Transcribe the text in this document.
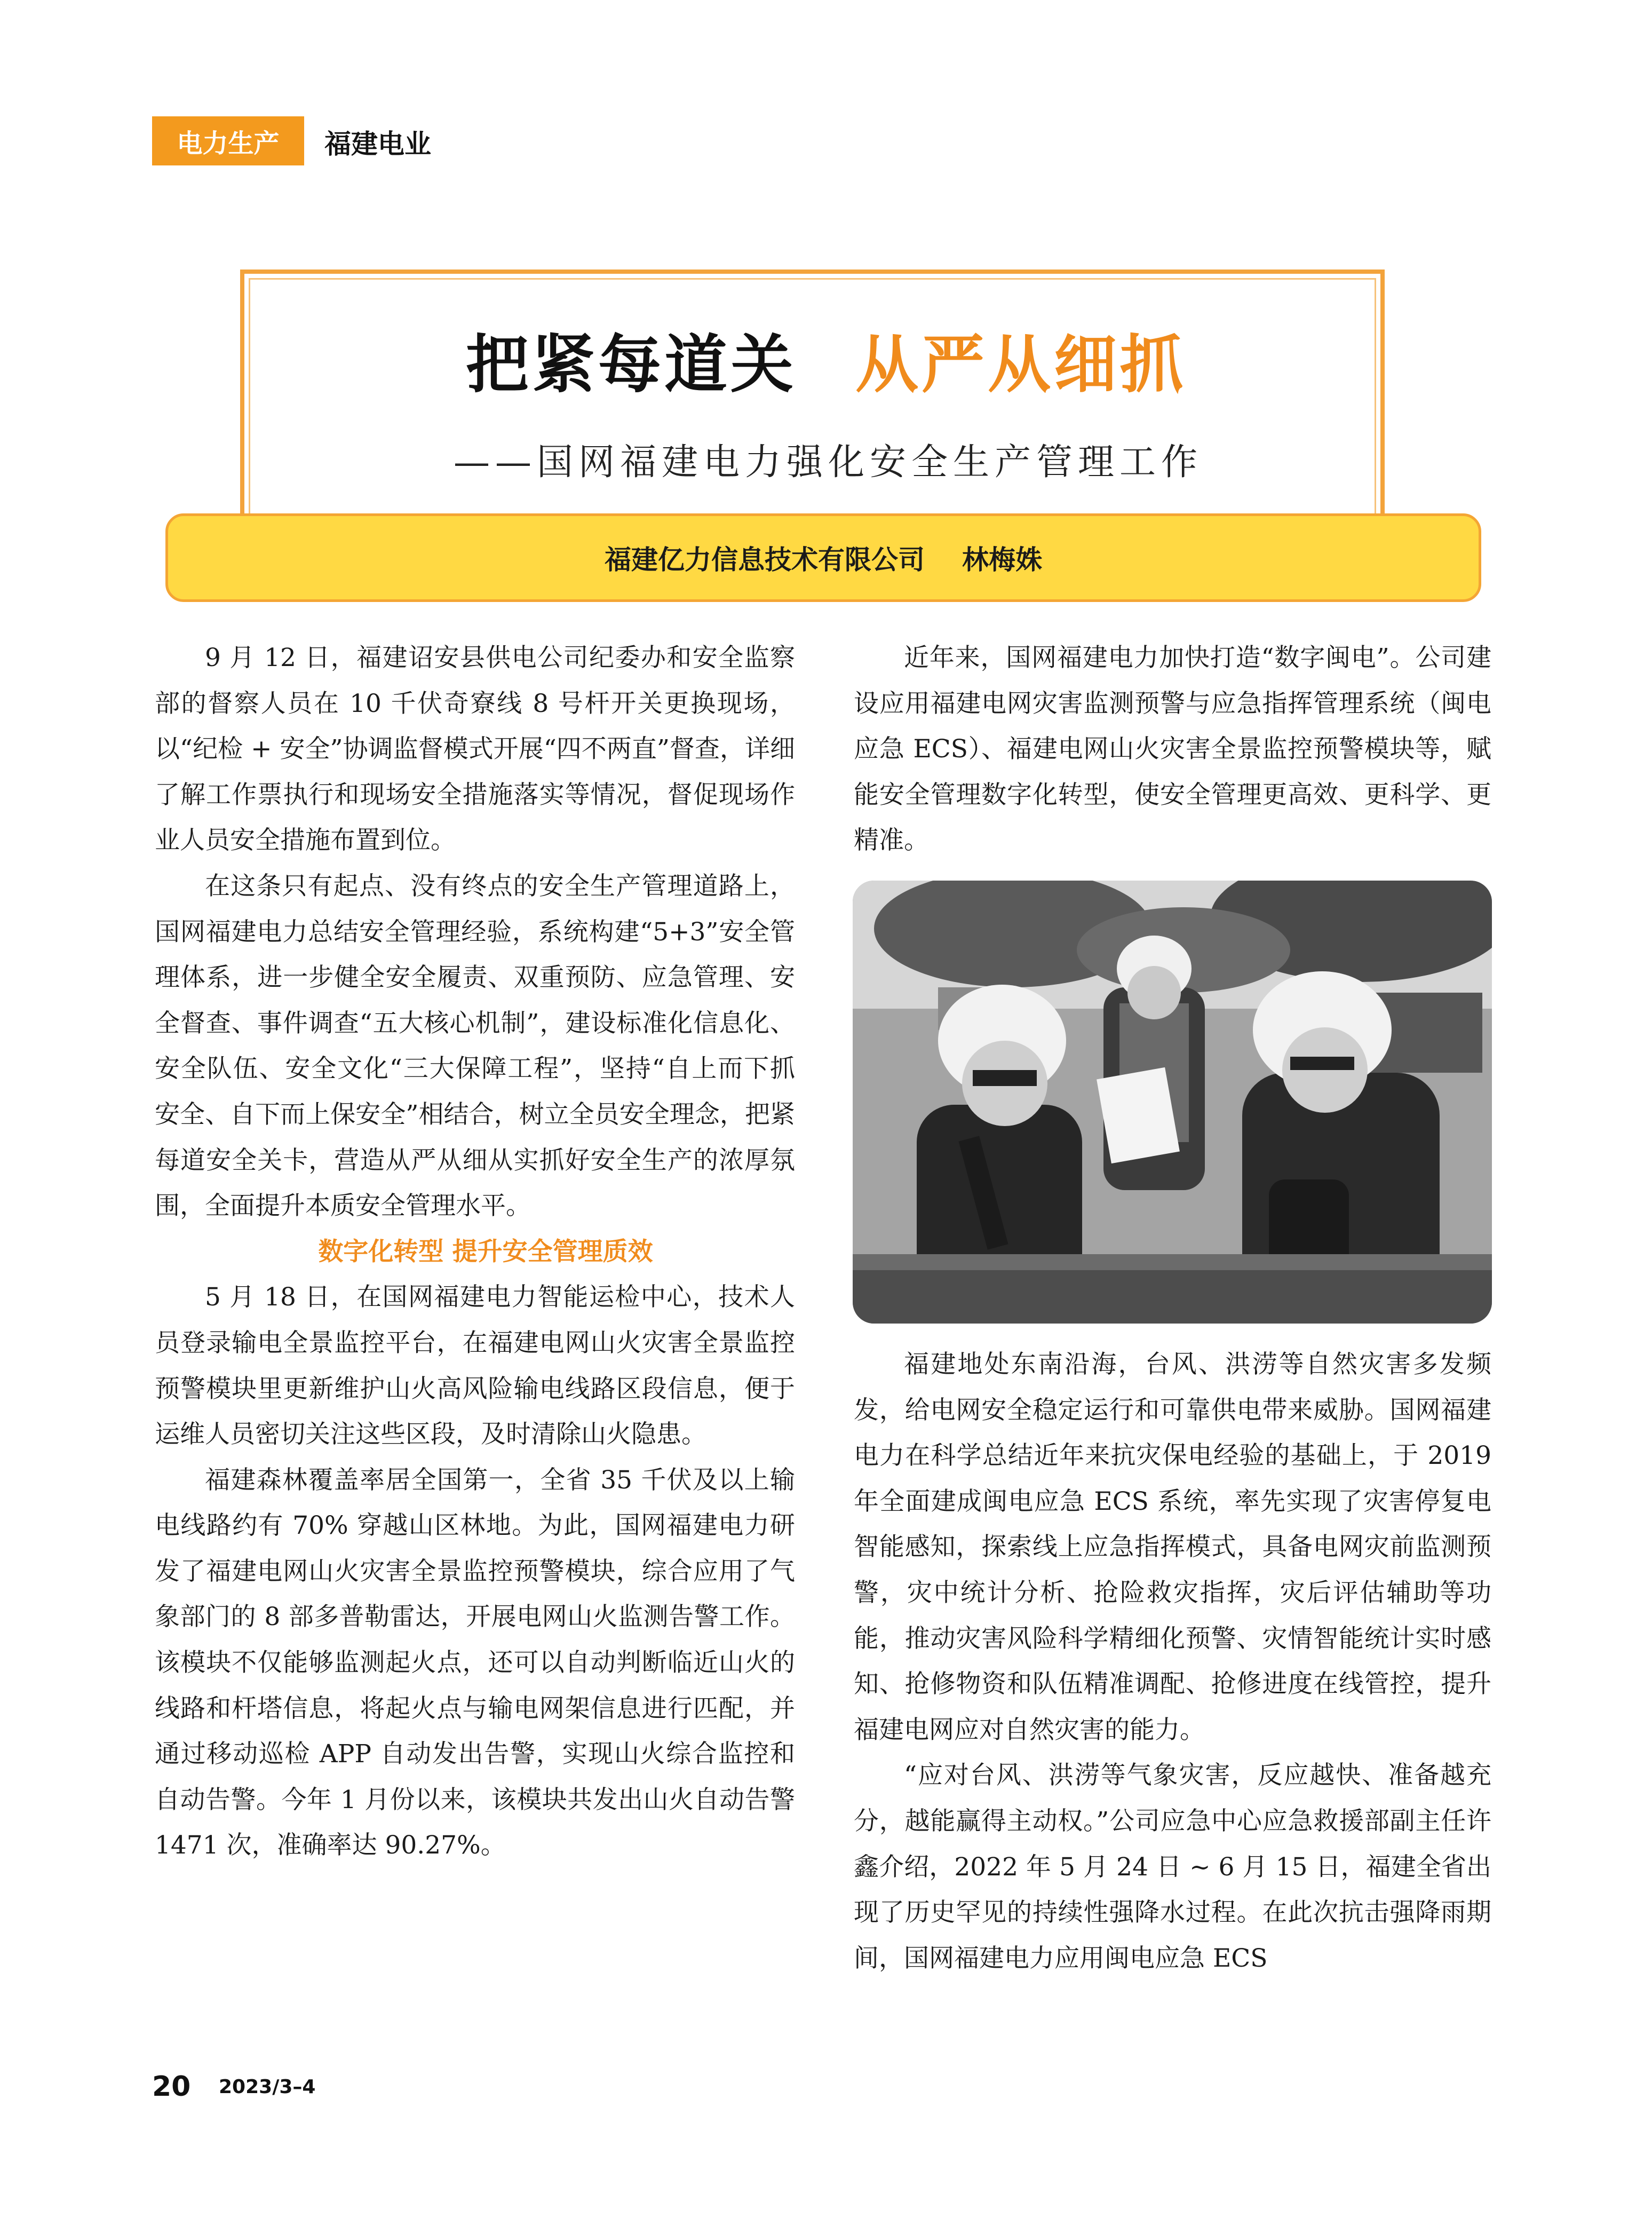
电力生产	福建电业
把紧每道关 从严从细抓
——国网福建电力强化安全生产管理工作
福建亿力信息技术有限公司 林梅姝

9 月 12 日，福建诏安县供电公司纪委办和安全监察部的督察人员在 10 千伏奇寮线 8 号杆开关更换现场，以“纪检 + 安全”协调监督模式开展“四不两直”督查，详细了解工作票执行和现场安全措施落实等情况，督促现场作业人员安全措施布置到位。

在这条只有起点、没有终点的安全生产管理道路上，国网福建电力总结安全管理经验，系统构建“5+3”安全管理体系，进一步健全安全履责、双重预防、应急管理、安全督查、事件调查“五大核心机制”，建设标准化信息化、安全队伍、安全文化“三大保障工程”，坚持“自上而下抓安全、自下而上保安全”相结合，树立全员安全理念，把紧每道安全关卡，营造从严从细从实抓好安全生产的浓厚氛围，全面提升本质安全管理水平。

数字化转型 提升安全管理质效

5 月 18 日，在国网福建电力智能运检中心，技术人员登录输电全景监控平台，在福建电网山火灾害全景监控预警模块里更新维护山火高风险输电线路区段信息，便于运维人员密切关注这些区段，及时清除山火隐患。

福建森林覆盖率居全国第一，全省 35 千伏及以上输电线路约有 70% 穿越山区林地。为此，国网福建电力研发了福建电网山火灾害全景监控预警模块，综合应用了气象部门的 8 部多普勒雷达，开展电网山火监测告警工作。该模块不仅能够监测起火点，还可以自动判断临近山火的线路和杆塔信息，将起火点与输电网架信息进行匹配，并通过移动巡检 APP 自动发出告警，实现山火综合监控和自动告警。今年 1 月份以来，该模块共发出山火自动告警 1471 次，准确率达 90.27%。

近年来，国网福建电力加快打造“数字闽电”。公司建设应用福建电网灾害监测预警与应急指挥管理系统（闽电应急 ECS）、福建电网山火灾害全景监控预警模块等，赋能安全管理数字化转型，使安全管理更高效、更科学、更精准。

福建地处东南沿海，台风、洪涝等自然灾害多发频发，给电网安全稳定运行和可靠供电带来威胁。国网福建电力在科学总结近年来抗灾保电经验的基础上，于 2019 年全面建成闽电应急 ECS 系统，率先实现了灾害停复电智能感知，探索线上应急指挥模式，具备电网灾前监测预警，灾中统计分析、抢险救灾指挥，灾后评估辅助等功能，推动灾害风险科学精细化预警、灾情智能统计实时感知、抢修物资和队伍精准调配、抢修进度在线管控，提升福建电网应对自然灾害的能力。

“应对台风、洪涝等气象灾害，反应越快、准备越充分，越能赢得主动权。”公司应急中心应急救援部副主任许鑫介绍，2022 年 5 月 24 日 ~ 6 月 15 日，福建全省出现了历史罕见的持续性强降水过程。在此次抗击强降雨期间，国网福建电力应用闽电应急 ECS

20 2023/3–4
